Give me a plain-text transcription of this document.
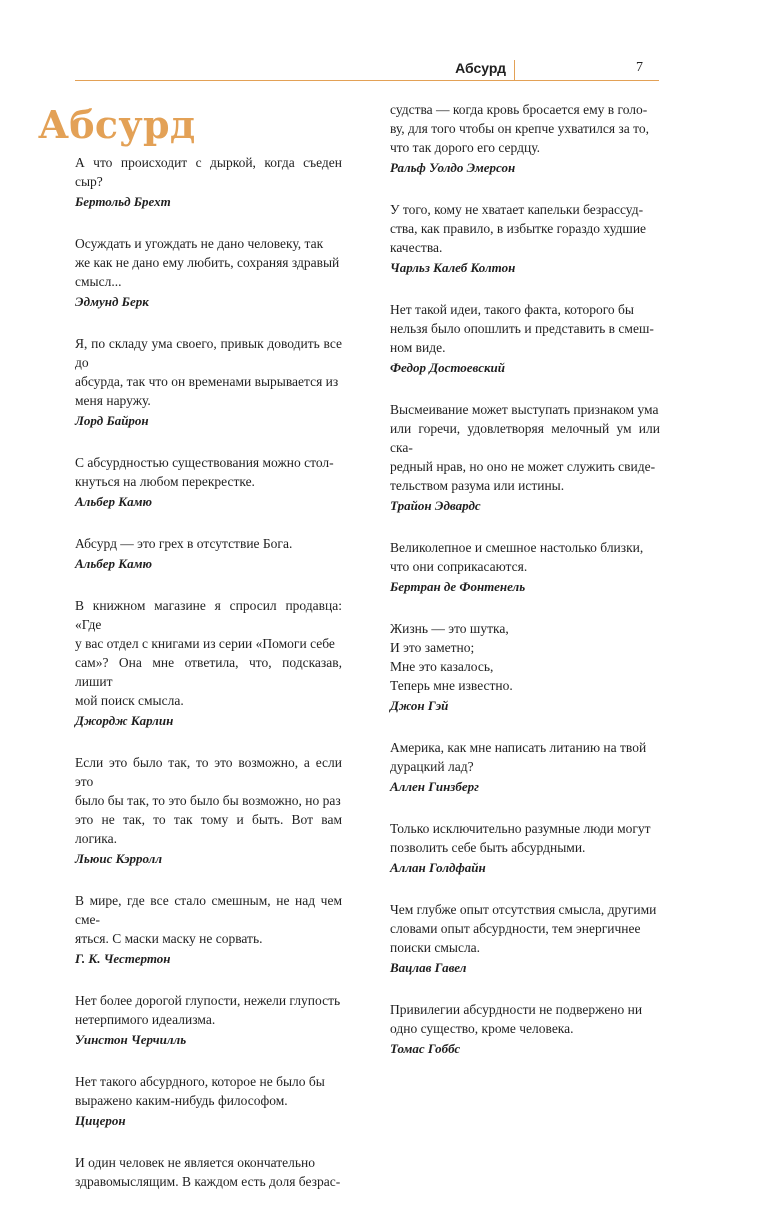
Абсурд	7
Абсурд
А что происходит с дыркой, когда съеден сыр?
Бертольд Брехт
Осуждать и угождать не дано человеку, так
же как не дано ему любить, сохраняя здравый
смысл...
Эдмунд Берк
Я, по складу ума своего, привык доводить все до
абсурда, так что он временами вырывается из
меня наружу.
Лорд Байрон
С абсурдностью существования можно стол-
кнуться на любом перекрестке.
Альбер Камю
Абсурд — это грех в отсутствие Бога.
Альбер Камю
В книжном магазине я спросил продавца: «Где
у вас отдел с книгами из серии «Помоги себе
сам»? Она мне ответила, что, подсказав, лишит
мой поиск смысла.
Джордж Карлин
Если это было так, то это возможно, а если это
было бы так, то это было бы возможно, но раз
это не так, то так тому и быть. Вот вам логика.
Льюис Кэрролл
В мире, где все стало смешным, не над чем сме-
яться. С маски маску не сорвать.
Г. К. Честертон
Нет более дорогой глупости, нежели глупость
нетерпимого идеализма.
Уинстон Черчилль
Нет такого абсурдного, которое не было бы
выражено каким-нибудь философом.
Цицерон
И один человек не является окончательно
здравомыслящим. В каждом есть доля безрас-
судства — когда кровь бросается ему в голо-
ву, для того чтобы он крепче ухватился за то,
что так дорого его сердцу.
Ральф Уолдо Эмерсон
У того, кому не хватает капельки безрассуд-
ства, как правило, в избытке гораздо худшие
качества.
Чарльз Калеб Колтон
Нет такой идеи, такого факта, которого бы
нельзя было опошлить и представить в смеш-
ном виде.
Федор Достоевский
Высмеивание может выступать признаком ума
или горечи, удовлетворяя мелочный ум или ска-
редный нрав, но оно не может служить свиде-
тельством разума или истины.
Трайон Эдвардс
Великолепное и смешное настолько близки,
что они соприкасаются.
Бертран де Фонтенель
Жизнь — это шутка,
И это заметно;
Мне это казалось,
Теперь мне известно.
Джон Гэй
Америка, как мне написать литанию на твой
дурацкий лад?
Аллен Гинзберг
Только исключительно разумные люди могут
позволить себе быть абсурдными.
Аллан Голдфайн
Чем глубже опыт отсутствия смысла, другими
словами опыт абсурдности, тем энергичнее
поиски смысла.
Вацлав Гавел
Привилегии абсурдности не подвержено ни
одно существо, кроме человека.
Томас Гоббс
